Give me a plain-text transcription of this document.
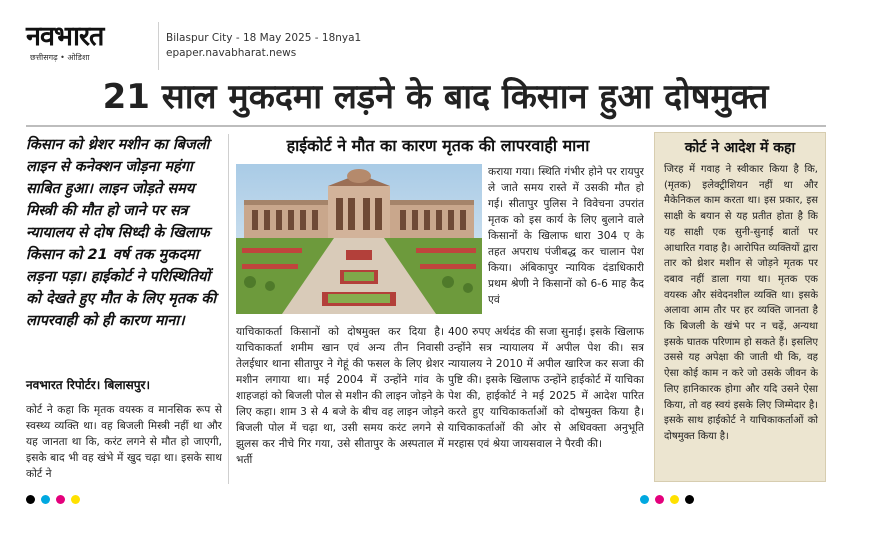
नवभारत
छत्तीसगढ़ • ओडिशा
Bilaspur City - 18 May 2025 - 18nya1
epaper.navabharat.news
21 साल मुकदमा लड़ने के बाद किसान हुआ दोषमुक्त
किसान को थ्रेशर मशीन का बिजली लाइन से कनेक्शन जोड़ना महंगा साबित हुआ। लाइन जोड़ते समय मिस्त्री की मौत हो जाने पर सत्र न्यायालय से दोष सिध्दी के खिलाफ किसान को 21 वर्ष तक मुकदमा लड़ना पड़ा। हाईकोर्ट ने परिस्थितियों को देखते हुए मौत के लिए मृतक की लापरवाही को ही कारण माना।
नवभारत रिपोर्टर। बिलासपुर।
कोर्ट ने कहा कि मृतक वयस्क व मानसिक रूप से स्वस्थ्य व्यक्ति था। वह बिजली मिस्त्री नहीं था और यह जानता था कि, करंट लगने से मौत हो जाएगी, इसके बाद भी वह खंभे में खुद चढ़ा था। इसके साथ कोर्ट ने
हाईकोर्ट ने मौत का कारण मृतक की लापरवाही माना
कराया गया। स्थिति गंभीर होने पर रायपुर ले जाते समय रास्ते में उसकी मौत हो गई। सीतापुर पुलिस ने विवेचना उपरांत मृतक को इस कार्य के लिए बुलाने वाले किसानों के खिलाफ धारा 304 ए के तहत अपराध पंजीबद्ध कर चालान पेश किया। अंबिकापुर न्यायिक दंडाधिकारी प्रथम श्रेणी ने किसानों को 6-6 माह कैद एवं
याचिकाकर्ता किसानों को दोषमुक्त कर दिया है। याचिकाकर्ता शमीम खान एवं अन्य तीन निवासी तेलईधार थाना सीतापुर ने गेहूं की फसल के लिए थ्रेशर मशीन लगाया था। मई 2004 में उन्होंने गांव के शाहजहां को बिजली पोल से मशीन की लाइन जोड़ने के लिए कहा। शाम 3 से 4 बजे के बीच वह लाइन जोड़ने बिजली पोल में चढ़ा था, उसी समय करंट लगने से झुलस कर नीचे गिर गया, उसे सीतापुर के अस्पताल में भर्ती
400 रुपए अर्थदंड की सजा सुनाई। इसके खिलाफ उन्होंने सत्र न्यायालय में अपील पेश की। सत्र न्यायालय ने 2010 में अपील खारिज कर सजा की पुष्टि की। इसके खिलाफ उन्होंने हाईकोर्ट में याचिका पेश की, हाईकोर्ट ने मई 2025 में आदेश पारित करते हुए याचिकाकर्ताओं को दोषमुक्त किया है। याचिकाकर्ताओं की ओर से अधिवक्ता अनुभूति मरहास एवं श्रेया जायसवाल ने पैरवी की।
कोर्ट ने आदेश में कहा
जिरह में गवाह ने स्वीकार किया है कि, (मृतक) इलेक्ट्रीशियन नहीं था और मैकेनिकल काम करता था। इस प्रकार, इस साक्षी के बयान से यह प्रतीत होता है कि यह साक्षी एक सुनी-सुनाई बातों पर आधारित गवाह है। आरोपित व्यक्तियों द्वारा तार को थ्रेशर मशीन से जोड़ने मृतक पर दबाव नहीं डाला गया था। मृतक एक वयस्क और संवेदनशील व्यक्ति था। इसके अलावा आम तौर पर हर व्यक्ति जानता है कि बिजली के खंभे पर न चढ़ें, अन्यथा इसके घातक परिणाम हो सकते हैं। इसलिए उससे यह अपेक्षा की जाती थी कि, वह ऐसा कोई काम न करे जो उसके जीवन के लिए हानिकारक होगा और यदि उसने ऐसा किया, तो वह स्वयं इसके लिए जिम्मेदार है। इसके साथ हाईकोर्ट ने याचिकाकर्ताओं को दोषमुक्त किया है।
